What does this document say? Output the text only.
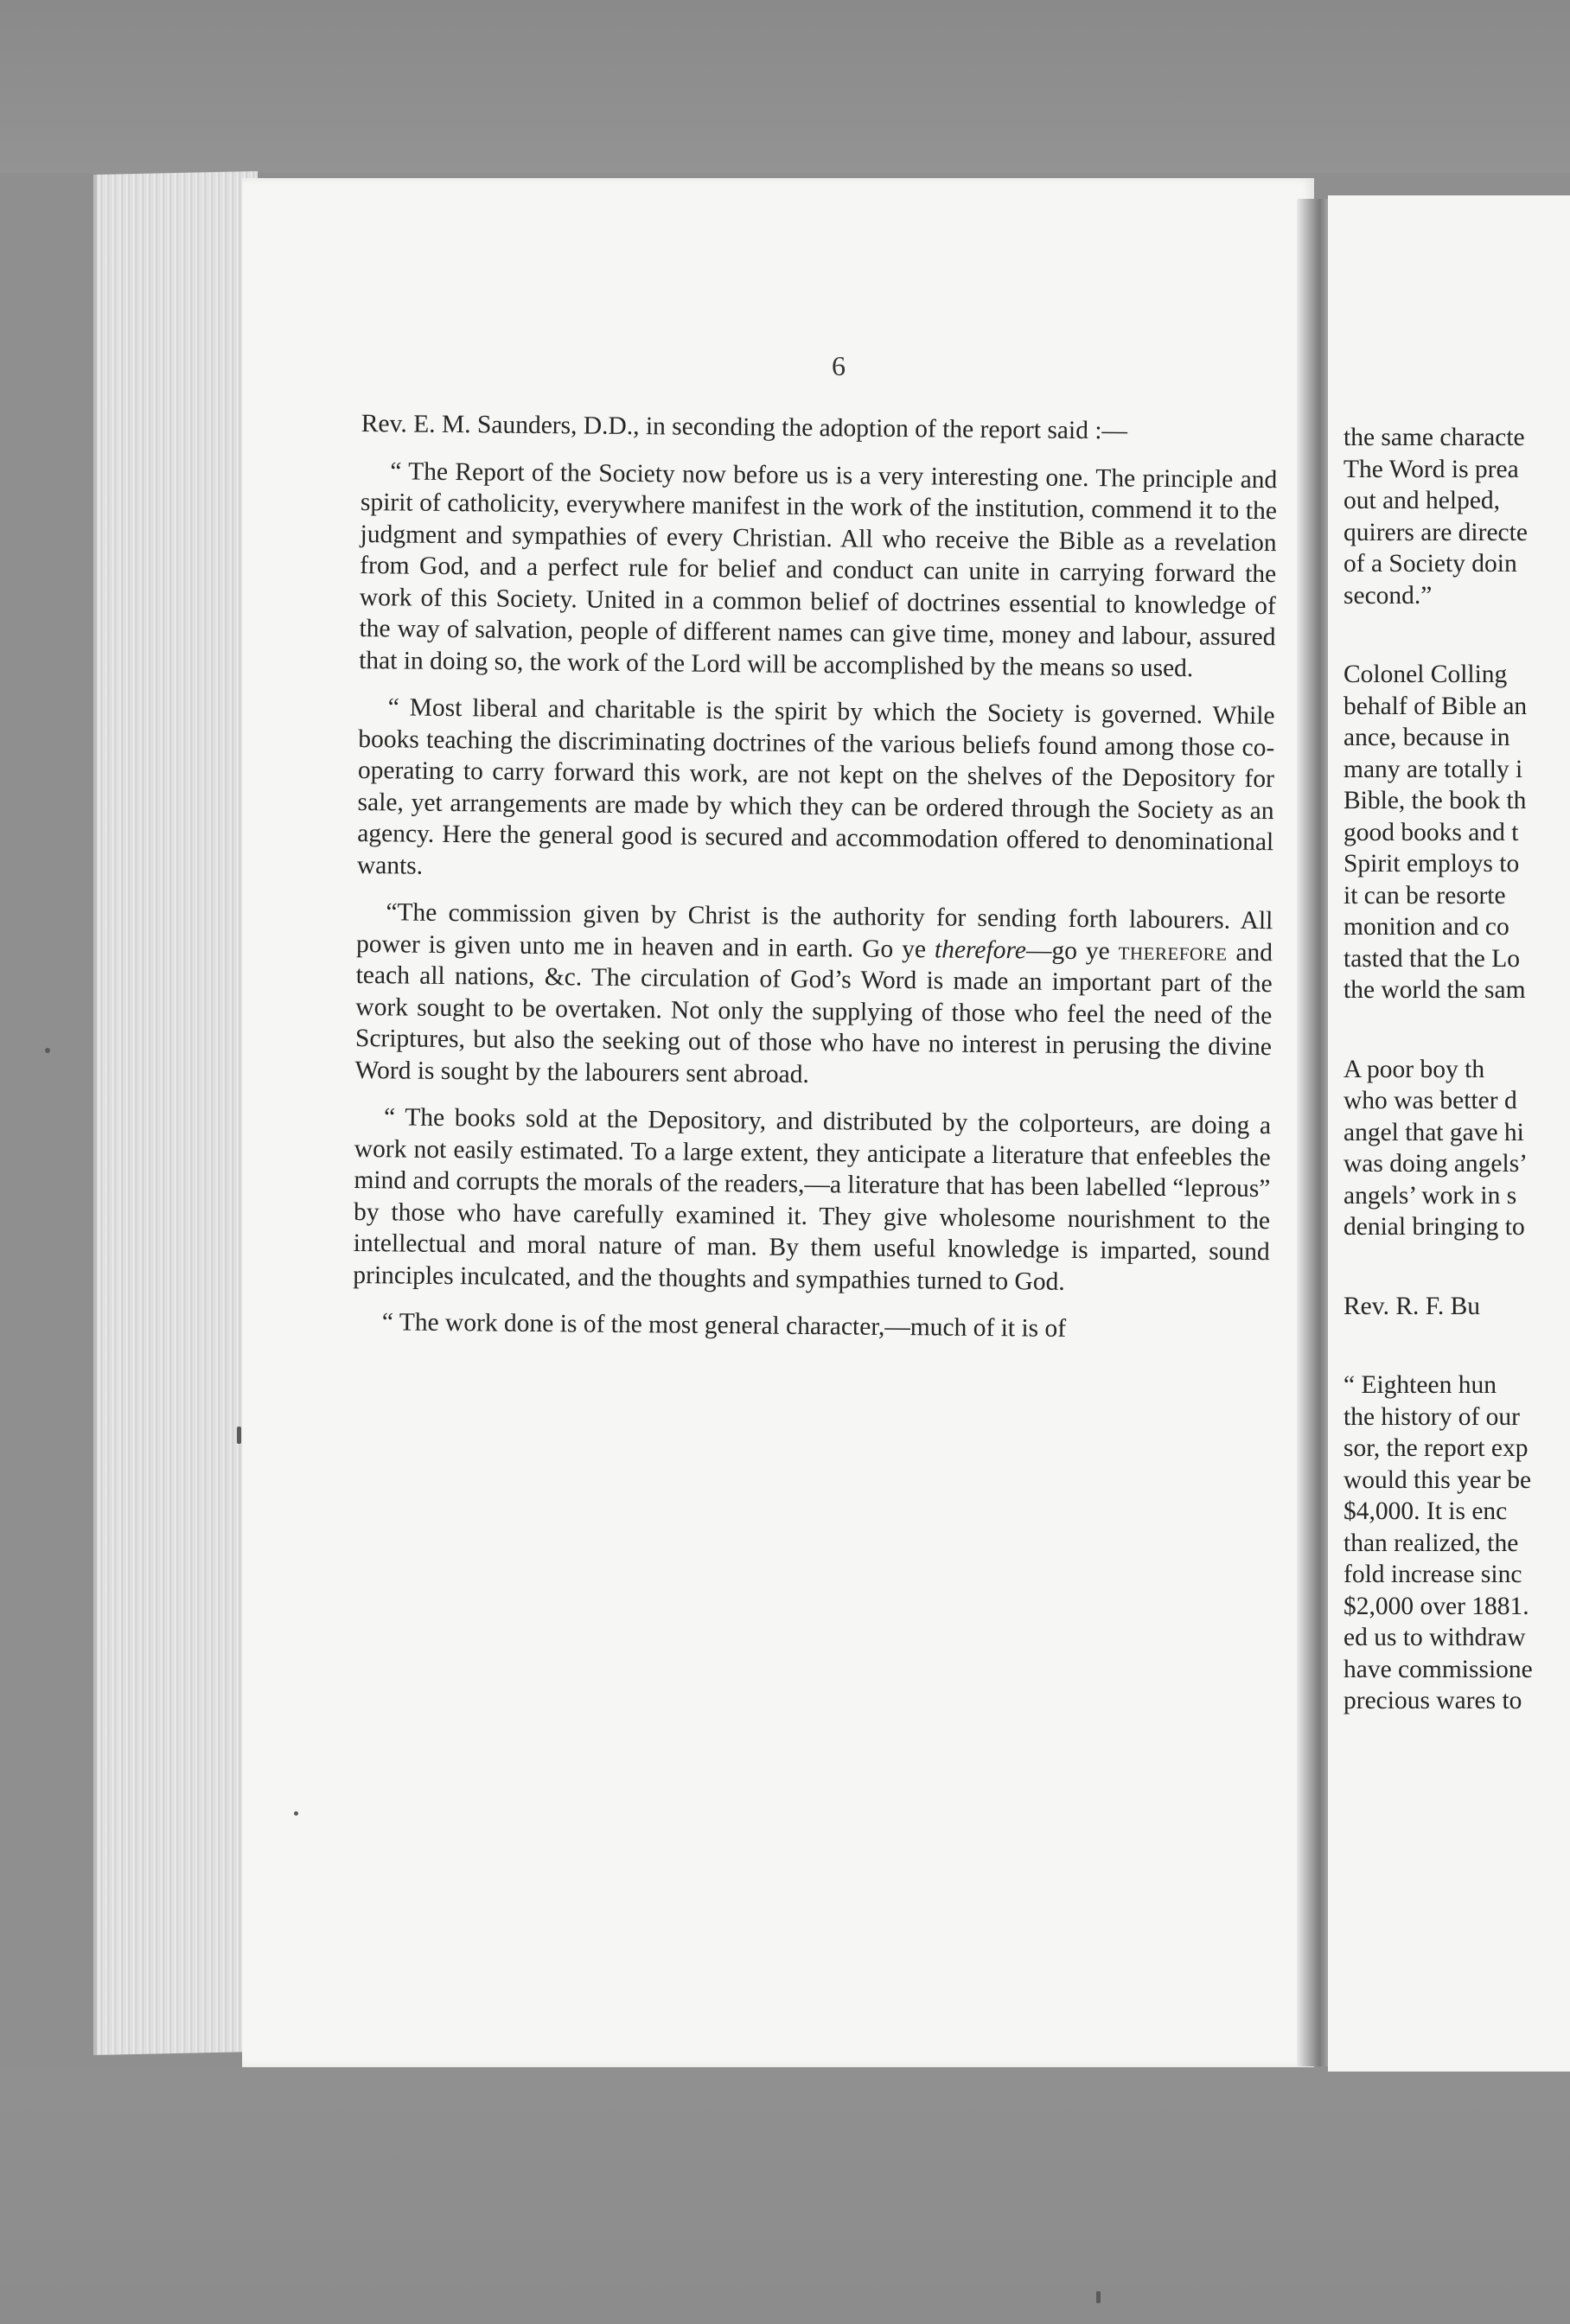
6

Rev. E. M. Saunders, D.D., in seconding the adoption of the report said :—

“ The Report of the Society now before us is a very interesting one. The principle and spirit of catholicity, everywhere manifest in the work of the institution, commend it to the judgment and sympathies of every Christian. All who receive the Bible as a revelation from God, and a perfect rule for belief and conduct can unite in carrying forward the work of this Society. United in a common belief of doctrines essential to knowledge of the way of salvation, people of different names can give time, money and labour, assured that in doing so, the work of the Lord will be accomplished by the means so used.

“ Most liberal and charitable is the spirit by which the Society is governed. While books teaching the discriminating doctrines of the various beliefs found among those co-operating to carry forward this work, are not kept on the shelves of the Depository for sale, yet arrangements are made by which they can be ordered through the Society as an agency. Here the general good is secured and accommodation offered to denominational wants.

“The commission given by Christ is the authority for sending forth labourers. All power is given unto me in heaven and in earth. Go ye therefore—go ye therefore and teach all nations, &c. The circulation of God’s Word is made an important part of the work sought to be overtaken. Not only the supplying of those who feel the need of the Scriptures, but also the seeking out of those who have no interest in perusing the divine Word is sought by the labourers sent abroad.

“ The books sold at the Depository, and distributed by the colporteurs, are doing a work not easily estimated. To a large extent, they anticipate a literature that enfeebles the mind and corrupts the morals of the readers,—a literature that has been labelled “leprous” by those who have carefully examined it. They give wholesome nourishment to the intellectual and moral nature of man. By them useful knowledge is imparted, sound principles inculcated, and the thoughts and sympathies turned to God.

“ The work done is of the most general character,—much of it is of

the same characte
The Word is prea
out and helped,
quirers are directe
of a Society doin
second.”
Colonel Colling
behalf of Bible an
ance, because in
many are totally i
Bible, the book th
good books and t
Spirit employs to
it can be resorte
monition and co
tasted that the Lo
the world the sam
A poor boy th
who was better d
angel that gave hi
was doing angels’
angels’ work in s
denial bringing to
Rev. R. F. Bu
“ Eighteen hun
the history of our
sor, the report exp
would this year be
$4,000. It is enc
than realized, the
fold increase sinc
$2,000 over 1881.
ed us to withdraw
have commissione
precious wares to
